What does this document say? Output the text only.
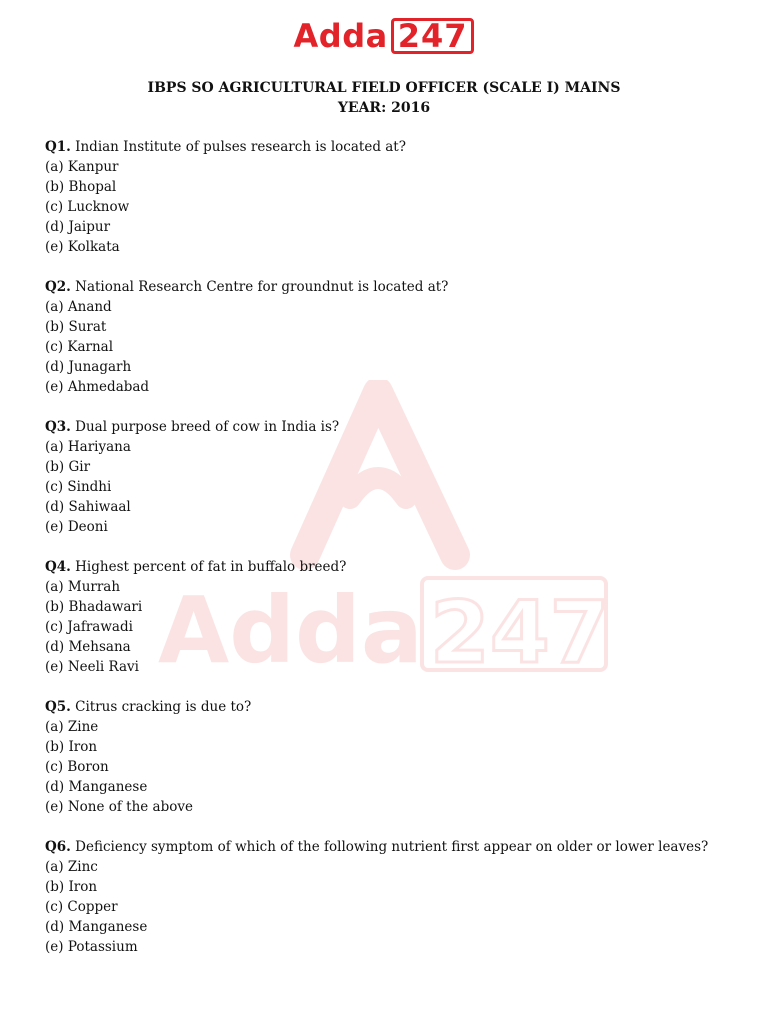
Adda 247
Adda 247
IBPS SO AGRICULTURAL FIELD OFFICER (SCALE I) MAINS
YEAR: 2016
Q1. Indian Institute of pulses research is located at?
(a) Kanpur
(b) Bhopal
(c) Lucknow
(d) Jaipur
(e) Kolkata
Q2. National Research Centre for groundnut is located at?
(a) Anand
(b) Surat
(c) Karnal
(d) Junagarh
(e) Ahmedabad
Q3. Dual purpose breed of cow in India is?
(a) Hariyana
(b) Gir
(c) Sindhi
(d) Sahiwaal
(e) Deoni
Q4. Highest percent of fat in buffalo breed?
(a) Murrah
(b) Bhadawari
(c) Jafrawadi
(d) Mehsana
(e) Neeli Ravi
Q5. Citrus cracking is due to?
(a) Zine
(b) Iron
(c) Boron
(d) Manganese
(e) None of the above
Q6. Deficiency symptom of which of the following nutrient first appear on older or lower leaves?
(a) Zinc
(b) Iron
(c) Copper
(d) Manganese
(e) Potassium
